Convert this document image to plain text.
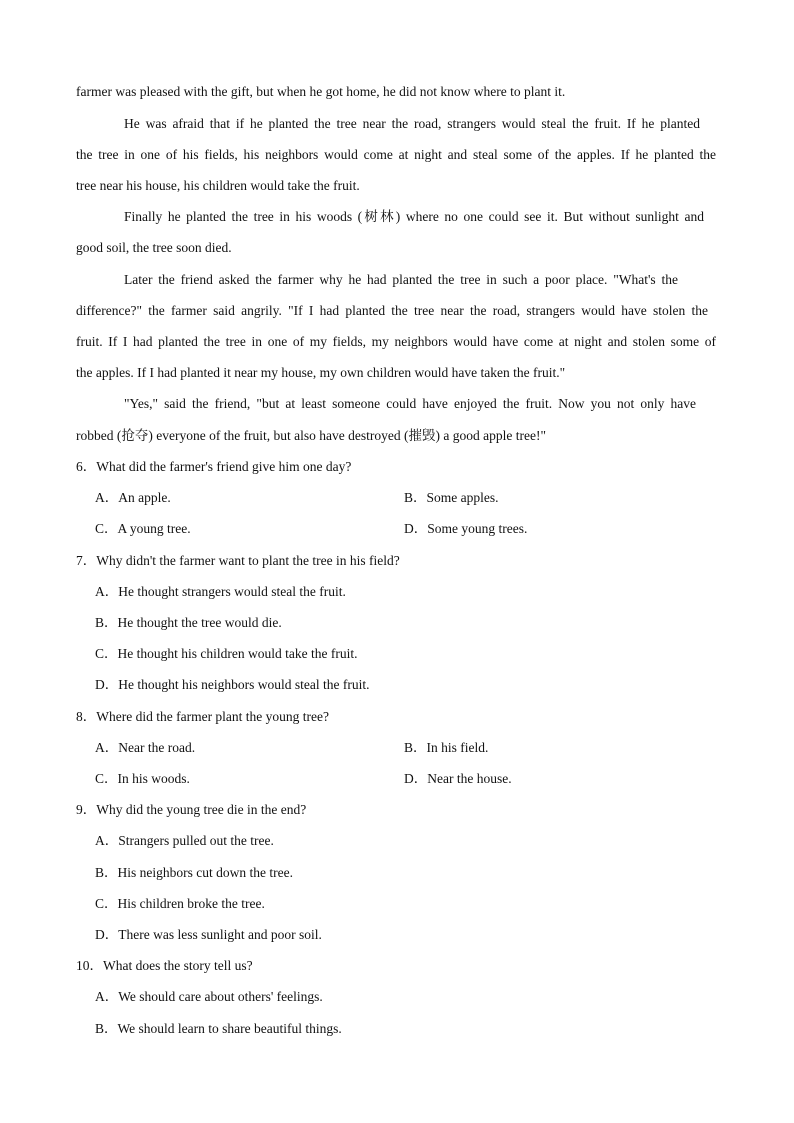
farmer was pleased with the gift, but when he got home, he did not know where to plant it.
He was afraid that if he planted the tree near the road, strangers would steal the fruit. If he planted
the tree in one of his fields, his neighbors would come at night and steal some of the apples. If he planted the
tree near his house, his children would take the fruit.
Finally he planted the tree in his woods (树林) where no one could see it. But without sunlight and
good soil, the tree soon died.
Later the friend asked the farmer why he had planted the tree in such a poor place. "What's the
difference?" the farmer said angrily. "If I had planted the tree near the road, strangers would have stolen the
fruit. If I had planted the tree in one of my fields, my neighbors would have come at night and stolen some of
the apples. If I had planted it near my house, my own children would have taken the fruit."
"Yes," said the friend, "but at least someone could have enjoyed the fruit. Now you not only have
robbed (抢夺) everyone of the fruit, but also have destroyed (摧毁) a good apple tree!"
6．What did the farmer's friend give him one day?
A．An apple.	B．Some apples.
C．A young tree.	D．Some young trees.
7．Why didn't the farmer want to plant the tree in his field?
A．He thought strangers would steal the fruit.
B．He thought the tree would die.
C．He thought his children would take the fruit.
D．He thought his neighbors would steal the fruit.
8．Where did the farmer plant the young tree?
A．Near the road.	B．In his field.
C．In his woods.	D．Near the house.
9．Why did the young tree die in the end?
A．Strangers pulled out the tree.
B．His neighbors cut down the tree.
C．His children broke the tree.
D．There was less sunlight and poor soil.
10．What does the story tell us?
A．We should care about others' feelings.
B．We should learn to share beautiful things.
